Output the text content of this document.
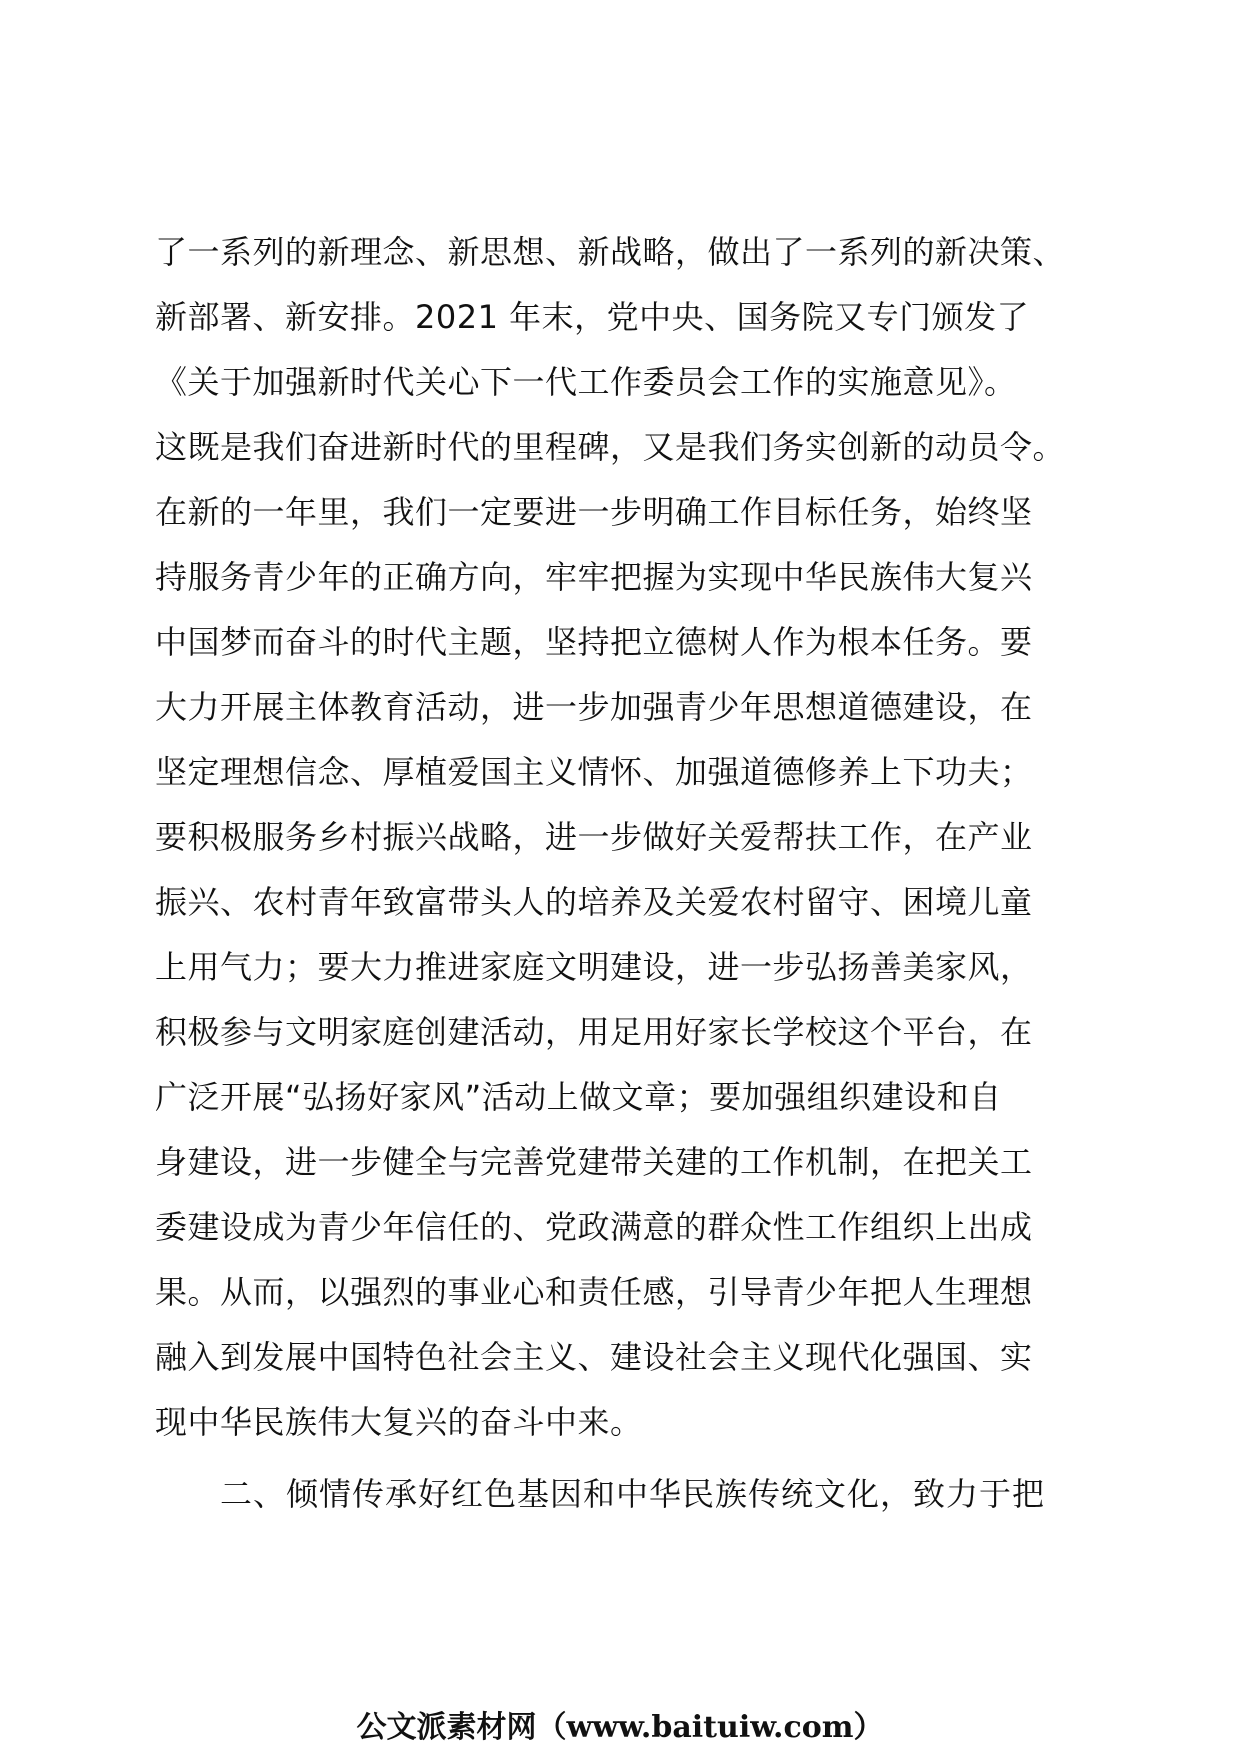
了一系列的新理念、新思想、新战略，做出了一系列的新决策、
新部署、新安排。2021 年末，党中央、国务院又专门颁发了
《关于加强新时代关心下一代工作委员会工作的实施意见》。
这既是我们奋进新时代的里程碑，又是我们务实创新的动员令。
在新的一年里，我们一定要进一步明确工作目标任务，始终坚
持服务青少年的正确方向，牢牢把握为实现中华民族伟大复兴
中国梦而奋斗的时代主题，坚持把立德树人作为根本任务。要
大力开展主体教育活动，进一步加强青少年思想道德建设，在
坚定理想信念、厚植爱国主义情怀、加强道德修养上下功夫；
要积极服务乡村振兴战略，进一步做好关爱帮扶工作，在产业
振兴、农村青年致富带头人的培养及关爱农村留守、困境儿童
上用气力；要大力推进家庭文明建设，进一步弘扬善美家风，
积极参与文明家庭创建活动，用足用好家长学校这个平台，在
广泛开展“弘扬好家风”活动上做文章；要加强组织建设和自
身建设，进一步健全与完善党建带关建的工作机制，在把关工
委建设成为青少年信任的、党政满意的群众性工作组织上出成
果。从而，以强烈的事业心和责任感，引导青少年把人生理想
融入到发展中国特色社会主义、建设社会主义现代化强国、实
现中华民族伟大复兴的奋斗中来。
二、倾情传承好红色基因和中华民族传统文化，致力于把
公文派素材网（www.baituiw.com）
